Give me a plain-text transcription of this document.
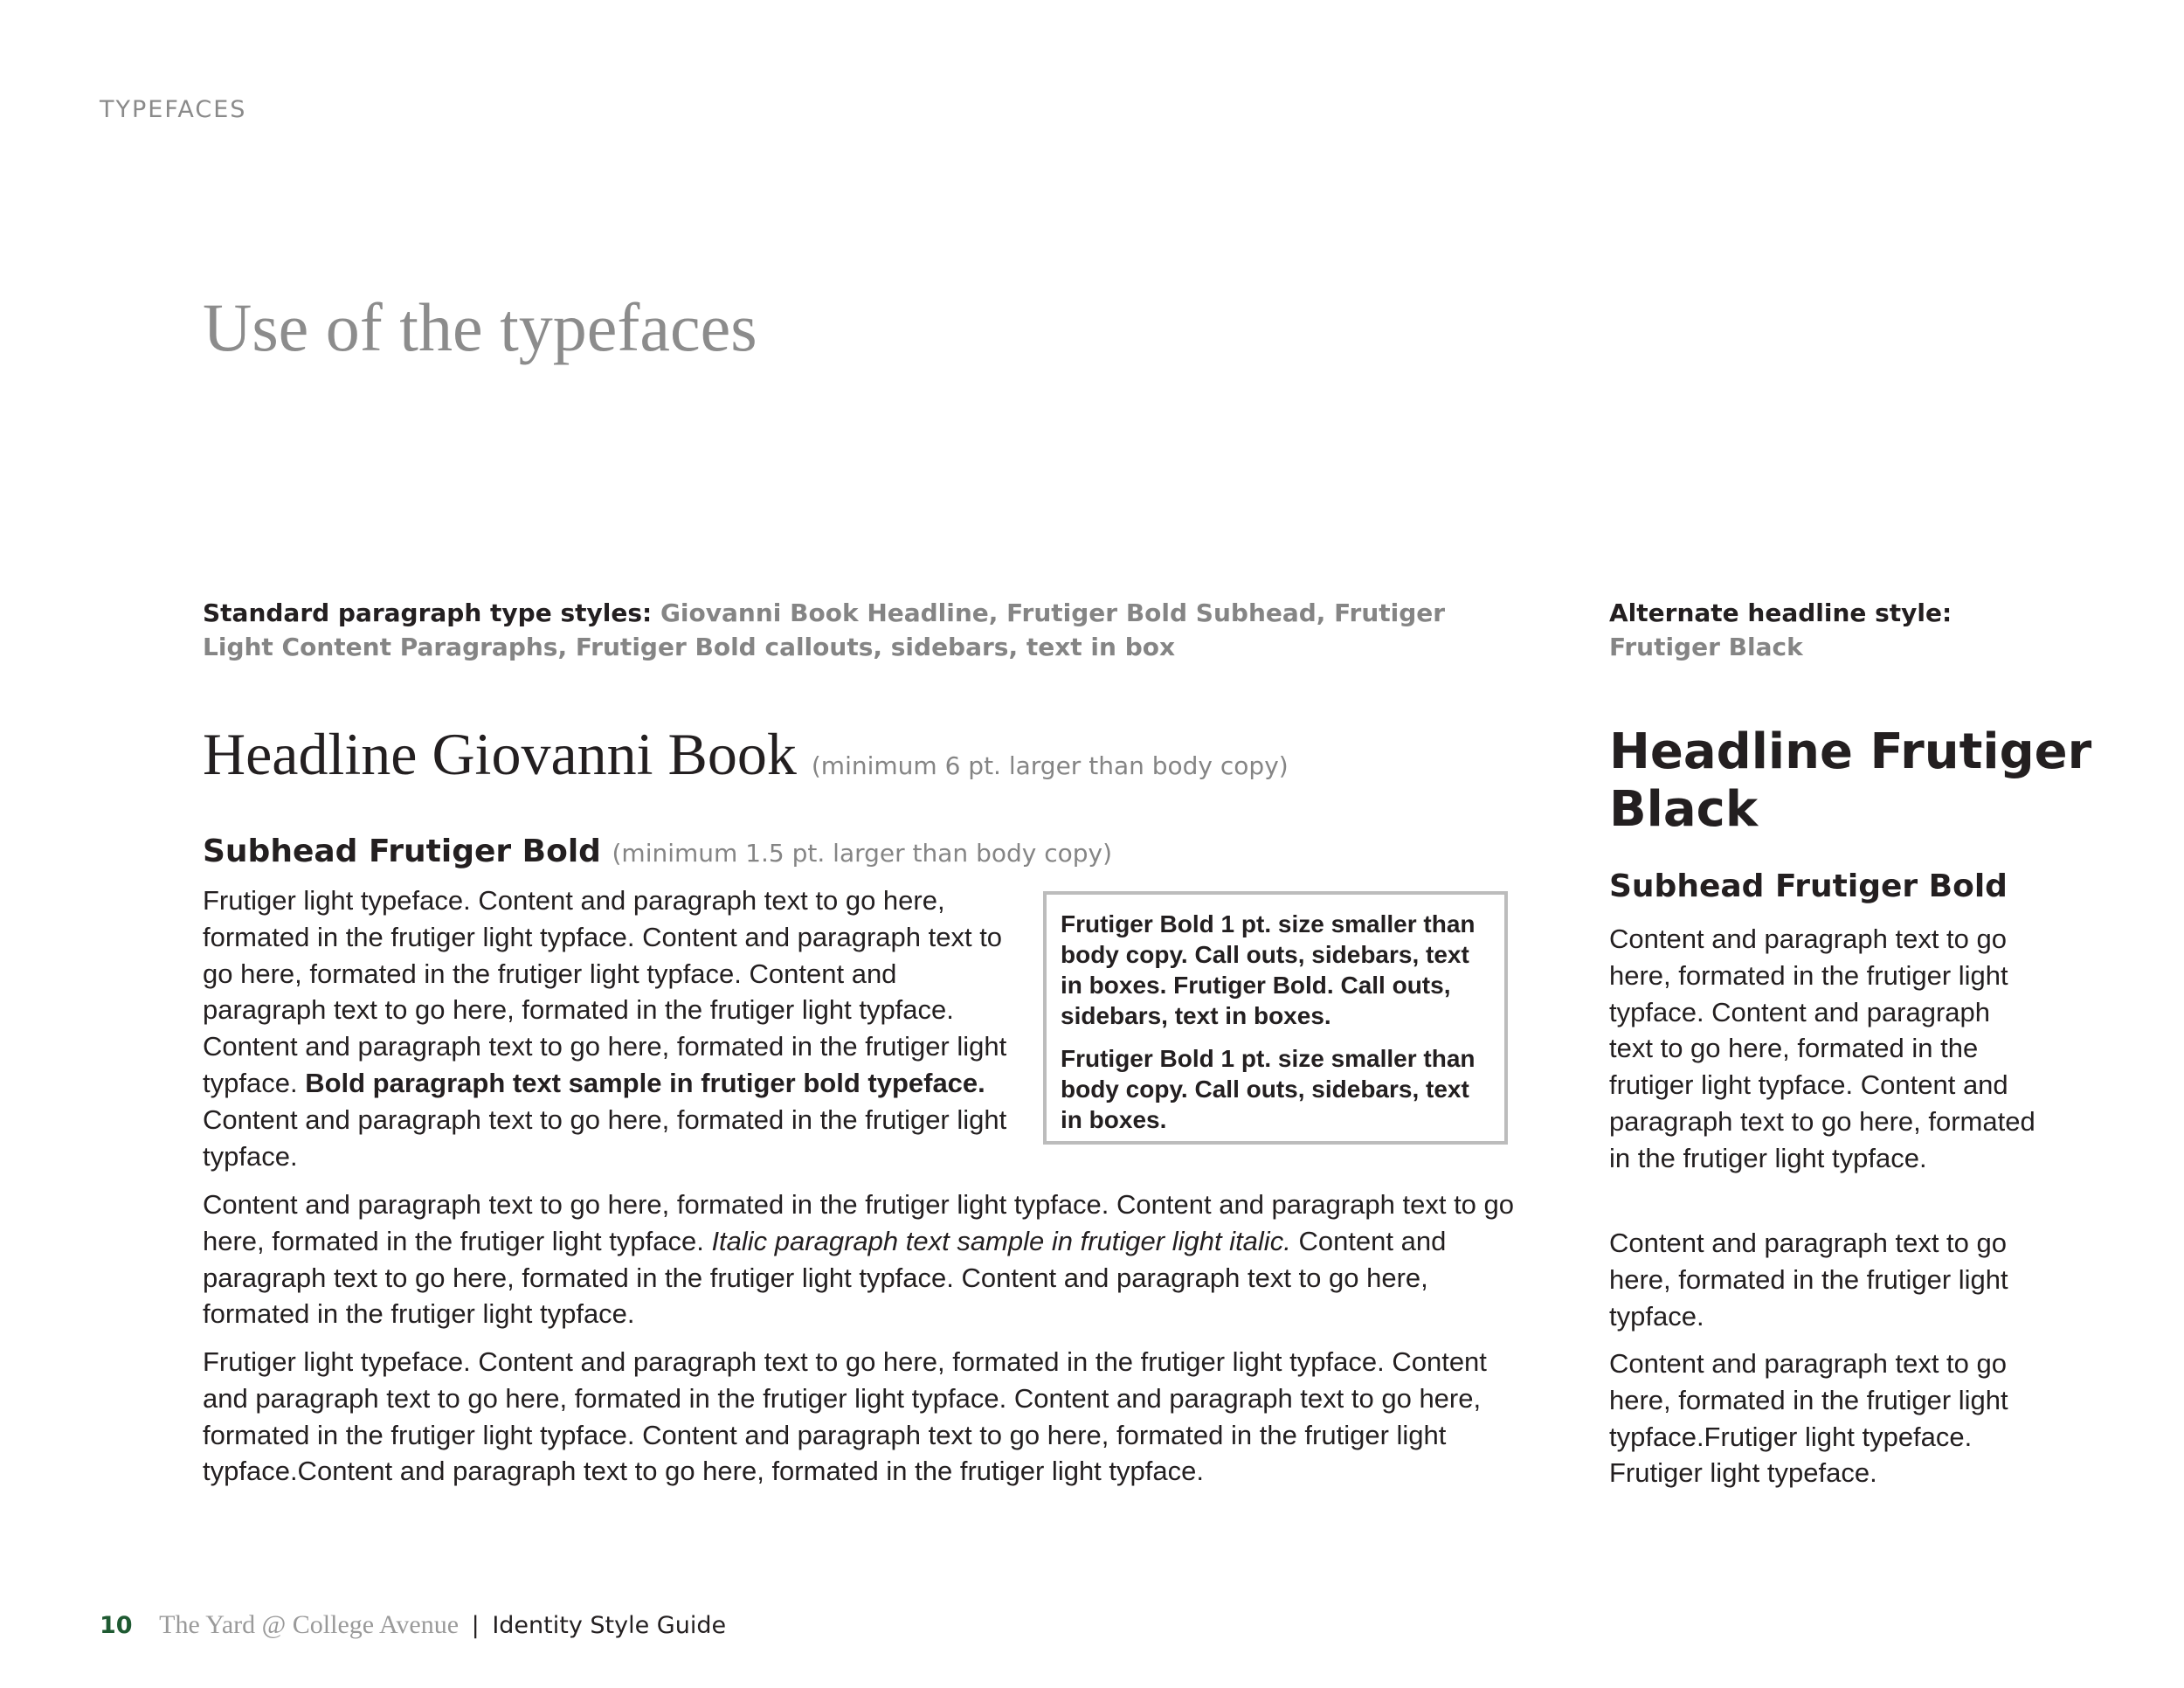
TYPEFACES
Use of the typefaces
Standard paragraph type styles: Giovanni Book Headline, Frutiger Bold Subhead, Frutiger Light Content Paragraphs, Frutiger Bold callouts, sidebars, text in box
Alternate headline style:
Frutiger Black
Headline Giovanni Book (minimum 6 pt. larger than body copy)
Subhead Frutiger Bold (minimum 1.5 pt. larger than body copy)
Frutiger light typeface. Content and paragraph text to go here, formated in the frutiger light typface. Content and paragraph text to go here, formated in the frutiger light typface. Content and paragraph text to go here, formated in the frutiger light typface. Content and paragraph text to go here, formated in the frutiger light typface. Bold paragraph text sample in frutiger bold typeface. Content and paragraph text to go here, formated in the frutiger light typface.

Frutiger Bold 1 pt. size smaller than body copy. Call outs, sidebars, text in boxes. Frutiger Bold. Call outs, sidebars, text in boxes.

Frutiger Bold 1 pt. size smaller than body copy. Call outs, sidebars, text in boxes.

Content and paragraph text to go here, formated in the frutiger light typface. Content and paragraph text to go here, formated in the frutiger light typface. Italic paragraph text sample in frutiger light italic. Content and paragraph text to go here, formated in the frutiger light typface. Content and paragraph text to go here, formated in the frutiger light typface.
Frutiger light typeface. Content and paragraph text to go here, formated in the frutiger light typface. Content and paragraph text to go here, formated in the frutiger light typface. Content and paragraph text to go here, formated in the frutiger light typface. Content and paragraph text to go here, formated in the frutiger light typface.Content and paragraph text to go here, formated in the frutiger light typface.
Headline Frutiger Black
Subhead Frutiger Bold
Content and paragraph text to go here, formated in the frutiger light typface. Content and paragraph text to go here, formated in the frutiger light typface. Content and paragraph text to go here, formated in the frutiger light typface.
Content and paragraph text to go here, formated in the frutiger light typface.
Content and paragraph text to go here, formated in the frutiger light typface.Frutiger light typeface. Frutiger light typeface.
10 The Yard @ College Avenue | Identity Style Guide
